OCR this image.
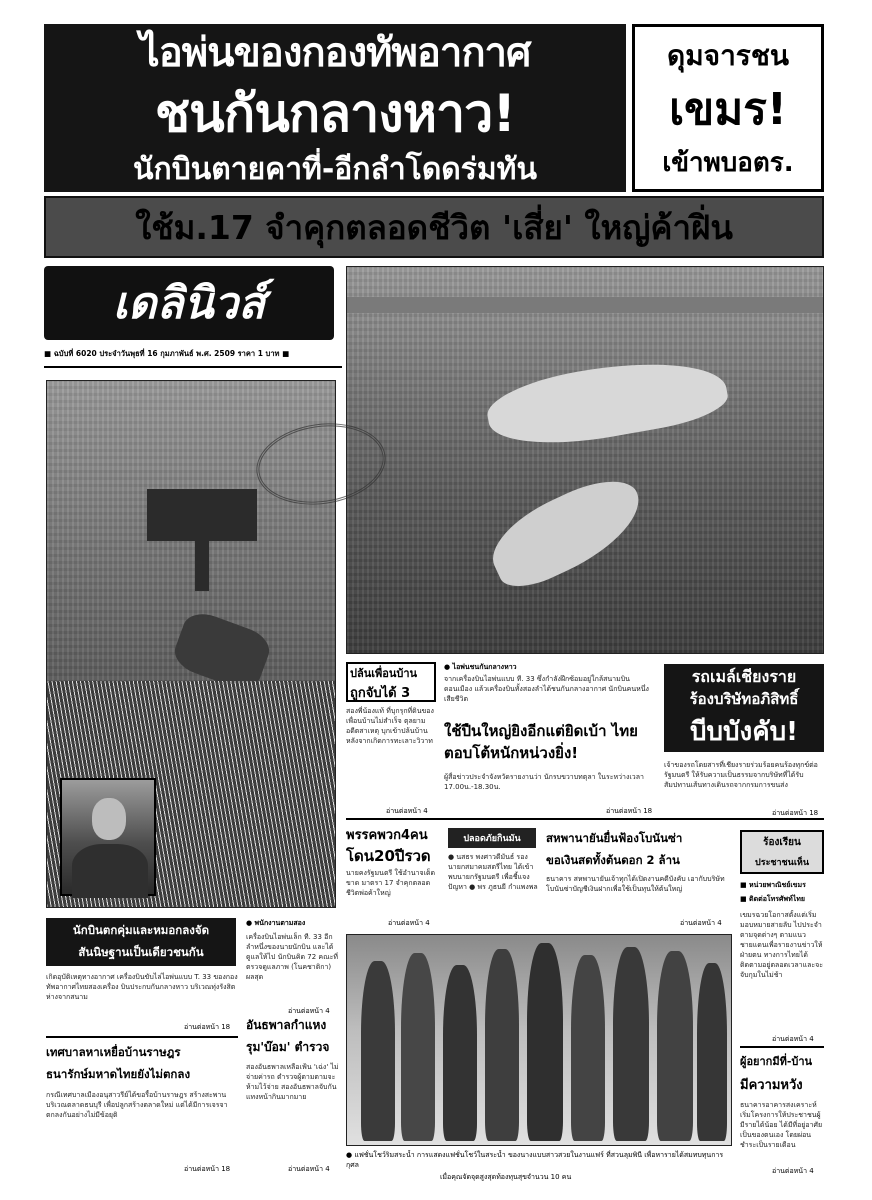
ไอพ่นของกองทัพอากาศ
ชนกันกลางหาว!
นักบินตายคาที่-อีกลำโดดร่มทัน
ดุมจารชน
เขมร!
เข้าพบอตร.
ใช้ม.17 จำคุกตลอดชีวิต 'เสี่ย' ใหญ่ค้าฝิ่น
เดลินิวส์
■ ฉบับที่ 6020 ประจำวันพุธที่ 16 กุมภาพันธ์ พ.ศ. 2509 ราคา 1 บาท ■
ปล้นเพื่อนบ้าน
ถูกจับได้ 3
สองพี่น้องแท้ ที่บุกรุกที่ดินของเพื่อนบ้านไม่สำเร็จ ตุลยามอดีตสาเหตุ บุกเข้าปล้นบ้าน หลังจากเกิดการทะเลาะวิวาท
อ่านต่อหน้า 4
● ไอพ่นชนกันกลางหาว
จากเครื่องบินไอพ่นแบบ ที. 33 ซึ่งกำลังฝึกซ้อมอยู่ใกล้สนามบินดอนเมือง แล้วเครื่องบินทั้งสองลำได้ชนกันกลางอากาศ นักบินคนหนึ่งเสียชีวิต
ใช้ปืนใหญ่ยิงอีกแต่ยิดเบ้า ไทยตอบโต้หนักหน่วงยิ่ง!
ผู้สื่อข่าวประจำจังหวัดรายงานว่า นักรบขวาบทตุลา ในระหว่างเวลา 17.00น.-18.30น.
อ่านต่อหน้า 18
รถเมล์เชียงราย
ร้องบริษัทอภิสิทธิ์
บีบบังคับ!
เจ้าของรถโดยสารที่เชียงรายร่วมร้อยคนร้องทุกข์ต่อรัฐมนตรี ให้รับความเป็นธรรมจากบริษัทที่ได้รับสัมปทานเส้นทางเดินรถจากกรมการขนส่ง
อ่านต่อหน้า 18
พรรคพวก4คน
โดน20ปีรวด
นายคงรัฐมนตรี ใช้อำนาจเด็ดขาด มาตรา 17 จำคุกตลอดชีวิตพ่อค้าใหญ่
อ่านต่อหน้า 4
ปลอดภัยกินมัน
● นสธร พงศาวดีมันธ์ รองนายกสมาคมสตรีไทย ได้เข้าพบนายกรัฐมนตรี เพื่อชี้แจงปัญหา ● พร ภูธนยี กำแพงพล
สหพานายันยื่นฟ้องโบนันซ่า
ขอเงินสดทั้งต้นดอก 2 ล้าน
ธนาคาร สหพานายันเจ้าทุกได้เปิดงานคดีบังคับ เอากับบริษัทโบนันซ่าบัญชีเงินฝากเพื่อใช้เป็นทุนให้ต้นใหญ่
อ่านต่อหน้า 4
ร้องเรียน
ประชาชนเห็น
■ หน่วยพาณิชย์เขมร
■ ติดต่อโทรศัพท์ไทย
เขมรฉวยโอกาสตั้งแต่เริ่ม มอบหมายสายลับ ไปประจำตามจุดต่างๆ ตามแนวชายแดนเพื่อรายงานข่าวให้ฝ่ายตน ทางการไทยได้ติดตามอยู่ตลอดเวลาและจะจับกุมในไม่ช้า
อ่านต่อหน้า 4
นักบินตกคุ่มและหมอกลงจัด
สันนิษฐานเป็นเดียวชนกัน
เกิดอุบัติเหตุทางอากาศ เครื่องบินขับไล่ไอพ่นแบบ T. 33 ของกองทัพอากาศไทยสองเครื่อง บินประกบกันกลางหาว บริเวณทุ่งรังสิต ห่างจากสนาม
อ่านต่อหน้า 18
เทศบาลหาเหยื่อบ้านราษฎร
ธนารักษ์มหาดไทยยังไม่ตกลง
กรณีเทศบาลเมืองอนุสาวรีย์ได้ขอรื้อบ้านราษฎร สร้างสะพาน บริเวณตลาดธนบุรี เพื่อปลูกสร้างตลาดใหม่ แต่ได้มีการเจรจาตกลงกันอย่างไม่มีข้อยุติ
อ่านต่อหน้า 18
● พนักงานตามสอง
เครื่องบินไอพ่นเล็ก ที. 33 อีกลำหนึ่งของนายนักบิน และได้ดูแลให้ไป นักบินคิด 72 คณะที่ตรวจดูแลภาพ (โนคชาติกา) ผลสุด
อ่านต่อหน้า 4
อันธพาลกำแหง
รุม'บ๊อม' ตำรวจ
สองอันธพาลเหลือเฟ้น 'เฉ่ง' ไม่จ่ายค่ารถ ตำรวจผู้ตามตามจะห้ามไว้จ่าย สองอันธพาลจับกัน แทงหน้ากินมากมาย
อ่านต่อหน้า 4
● แฟชั่นโชว์ริมสระน้ำ การแสดงแฟชั่นโชว์ในสระน้ำ ของนางแบบสาวสวยในงานแฟร์ ที่สวนลุมพินี เพื่อหารายได้สมทบทุนการกุศล
เมื่อคุณจัดจุดสูงสุดท้องทุนสุขจำนวน 10 คน
ผู้อยากมีที่-บ้าน
มีความหวัง
ธนาคารอาคารสงเคราะห์ เริ่มโครงการให้ประชาชนผู้มีรายได้น้อย ได้มีที่อยู่อาศัยเป็นของตนเอง โดยผ่อนชำระเป็นรายเดือน
อ่านต่อหน้า 4
